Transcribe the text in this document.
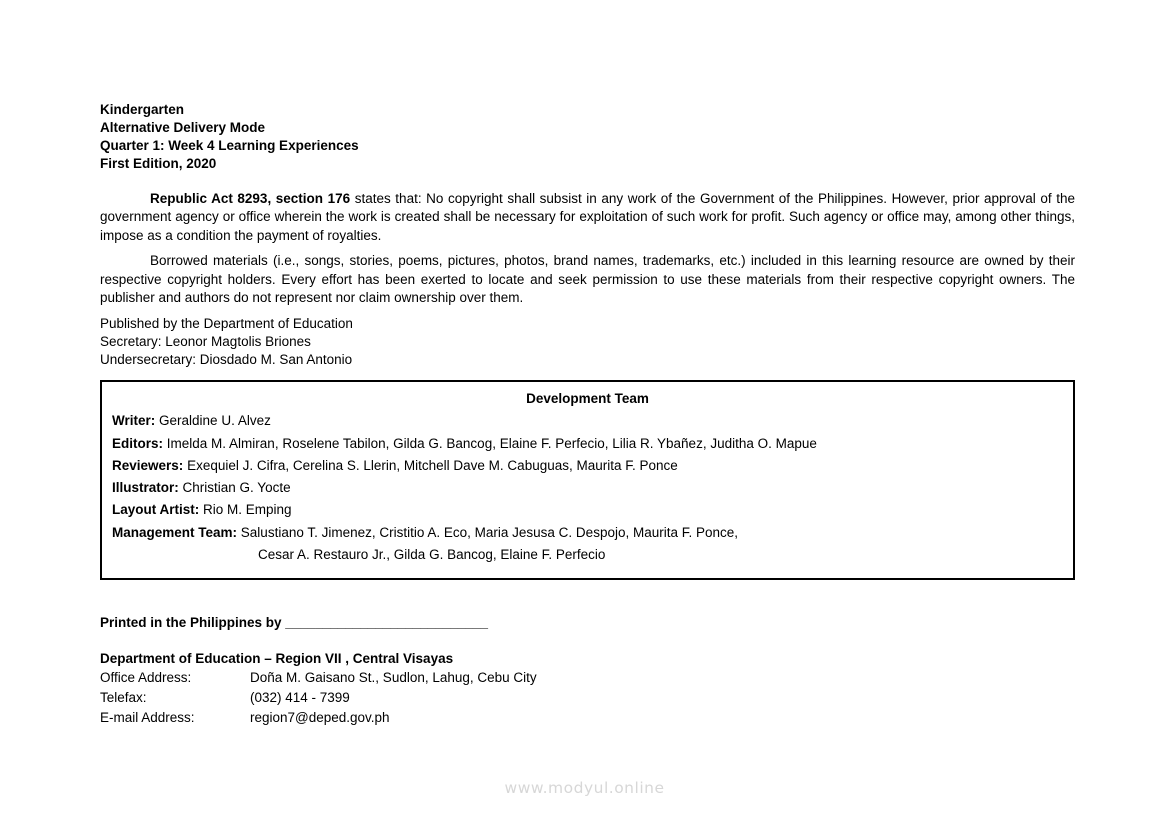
Kindergarten
Alternative Delivery Mode
Quarter 1: Week 4 Learning Experiences
First Edition, 2020

Republic Act 8293, section 176 states that: No copyright shall subsist in any work of the Government of the Philippines. However, prior approval of the government agency or office wherein the work is created shall be necessary for exploitation of such work for profit. Such agency or office may, among other things, impose as a condition the payment of royalties.

Borrowed materials (i.e., songs, stories, poems, pictures, photos, brand names, trademarks, etc.) included in this learning resource are owned by their respective copyright holders. Every effort has been exerted to locate and seek permission to use these materials from their respective copyright owners. The publisher and authors do not represent nor claim ownership over them.

Published by the Department of Education
Secretary: Leonor Magtolis Briones
Undersecretary: Diosdado M. San Antonio
Development Team
Writer: Geraldine U. Alvez
Editors: Imelda M. Almiran, Roselene Tabilon, Gilda G. Bancog, Elaine F. Perfecio, Lilia R. Ybañez, Juditha O. Mapue
Reviewers: Exequiel J. Cifra, Cerelina S. Llerin, Mitchell Dave M. Cabuguas, Maurita F. Ponce
Illustrator: Christian G. Yocte
Layout Artist: Rio M. Emping
Management Team: Salustiano T. Jimenez, Cristitio A. Eco, Maria Jesusa C. Despojo, Maurita F. Ponce,
Cesar A. Restauro Jr., Gilda G. Bancog, Elaine F. Perfecio
Printed in the Philippines by ___________________________
Department of Education – Region VII , Central Visayas
Office Address:	Doña M. Gaisano St., Sudlon, Lahug, Cebu City
Telefax:	(032) 414 - 7399
E-mail Address:	region7@deped.gov.ph
www.modyul.online
